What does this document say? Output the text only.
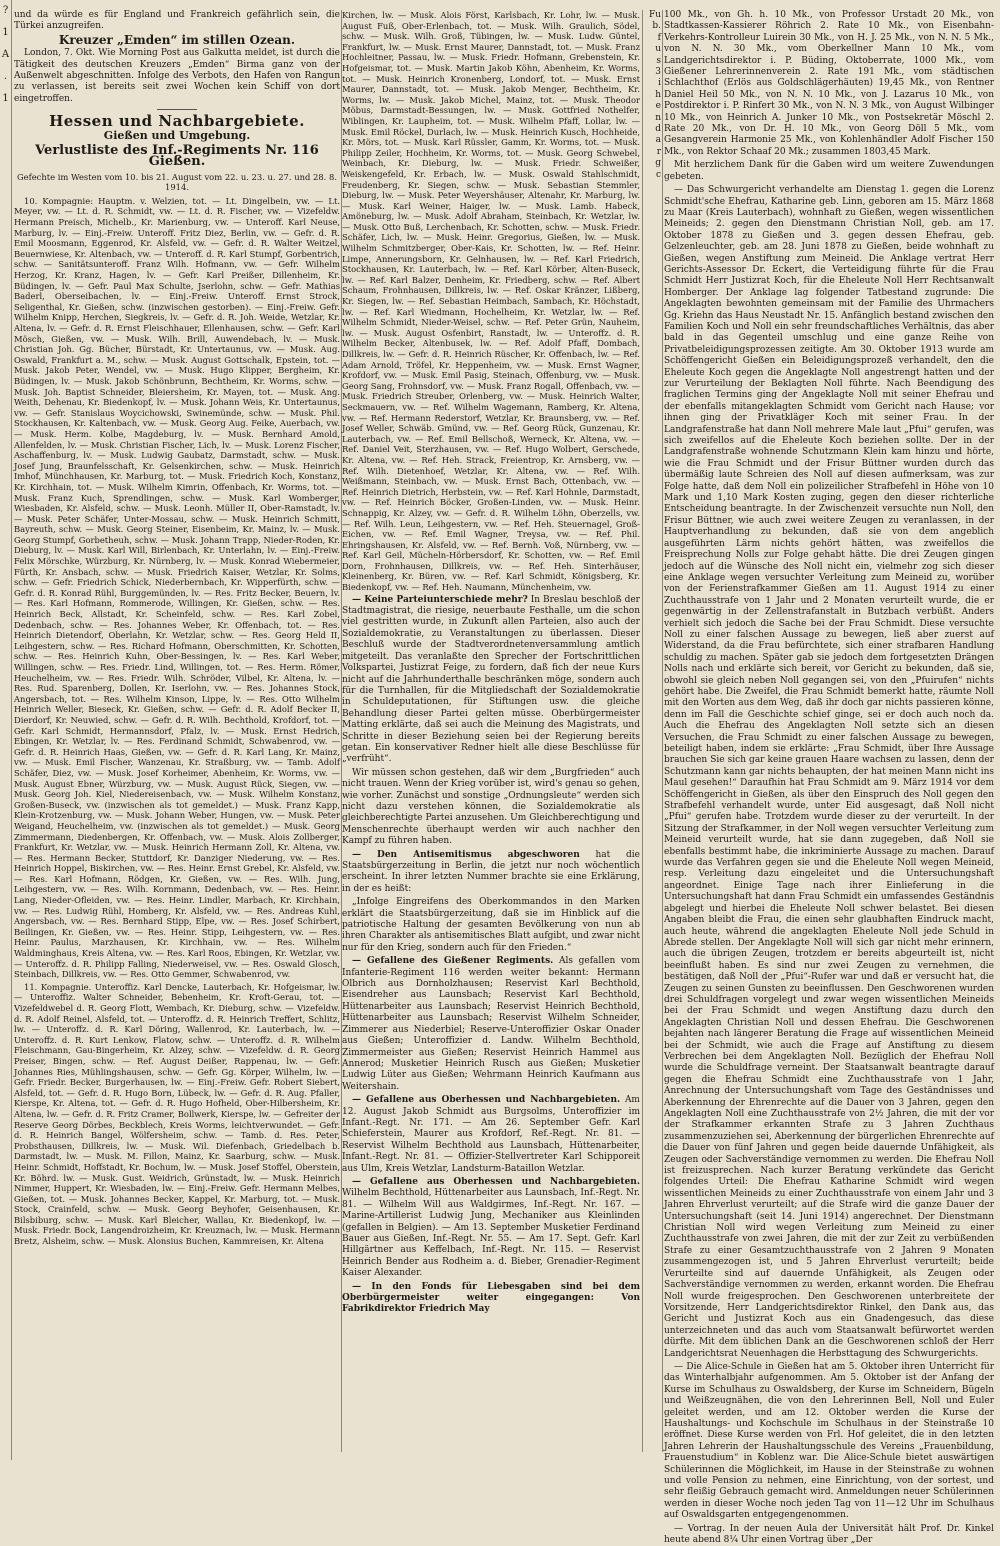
?
1
A
.
1

und da würde es für England und Frankreich gefährlich sein, die Türkei anzugreifen.

Kreuzer „Emden“ im stillen Ozean.

London, 7. Okt. Wie Morning Post aus Galkutta meldet, ist durch die Tätigkeit des deutschen Kreuzers „Emden“ Birma ganz von der Außenwelt abgeschnitten. Infolge des Verbots, den Hafen von Rangun zu verlassen, ist bereits seit zwei Wochen kein Schiff von dort eingetroffen.

Hessen und Nachbargebiete.
Gießen und Umgebung.
Verlustliste des Inf.-Regiments Nr. 116 Gießen.

Gefechte im Westen vom 10. bis 21. August vom 22. u. 23. u. 27. und 28. 8. 1914.

10. Kompagnie: Hauptm. v. Welzien, tot. — Lt. Dingelbein, vw. — Lt. Meyer, vw. — Lt. d. R. Schmidt, vw. — Lt. d. R. Fischer, vw. — Vizefeldw. Hermann Preisch, Michelb., Kr. Marienburg, vw. — Unteroff. Karl Neuse, Marburg, lv. — Einj.-Freiw. Unteroff. Fritz Diez, Berlin, vw. — Gefr. d. R. Emil Moosmann, Eggenrod, Kr. Alsfeld, vw. — Gefr. d. R. Walter Weitzel, Beuernwiese, Kr. Altenbach, vw. — Unteroff. d. R. Karl Stumpf, Gorbentrich, schw. — Sanitätsunteroff. Franz Wilh. Hofmann, vw. — Gefr. Wilhelm Herzog, Kr. Kranz, Hagen, lv. — Gefr. Karl Preißer, Dillenheim, Kr. Büdingen, lv. — Gefr. Paul Max Schulte, Jserlohn, schw. — Gefr. Mathias Baderl, Oberseibachen, lv. — Einj.-Freiw. Unteroff. Ernst Strock, Seligenthal, Kr. Gießen, schw. (inzwischen gestorben). — Einj.-Freiw. Gefr. Wilhelm Knipp, Herchen, Siegkreis, lv. — Gefr. d. R. Joh. Weide, Wetzlar, Kr. Altena, lv. — Gefr. d. R. Ernst Fleischhauer, Ellenhausen, schw. — Gefr. Karl Mösch, Gießen, vw. — Musk. Wilh. Brill, Auwendebach, lv. — Musk. Christian Joh. Gg. Bücher, Bürstadt, Kr. Untertaunus, vw. — Musk. Aug. Oswald, Frankfurt a. M., schw. — Musk. August Gottschalk, Epstein, tot. — Musk. Jakob Peter, Wendel, vw. — Musk. Hugo Klipper, Bergheim, Kr. Büdingen, lv. — Musk. Jakob Schönbrunn, Bechtheim, Kr. Worms, schw. — Musk. Joh. Baptist Schneider, Bleiersheim, Kr. Mayen, tot. — Musk. Ang. Weith, Dehenau, Kr. Biedenkopf, lv. — Musk. Johann Weis, Kr. Untertaunus, vw. — Gefr. Stanislaus Woycichowski, Swinemünde, schw. — Musk. Phil. Stockhausen, Kr. Kaltenbach, vw. — Musk. Georg Aug. Feike, Auerbach, vw. — Musk. Herm. Kolbe, Magdeburg, lv. — Musk. Bernhard Amold, Allenfelden, lv. — Musk. Christian Fischer, Lich, lv. — Musk. Lorenz Fischer, Aschaffenburg, lv. — Musk. Ludwig Gaubatz, Darmstadt, schw. — Musk. Josef Jung, Braunfelsschaft, Kr. Gelsenkirchen, schw. — Musk. Heinrich Imhof, Münchhausen, Kr. Marburg, tot. — Musk. Friedrich Koch, Konstanz, Kr. Kirchhain, tot. — Musk. Wilhelm Kimrin, Offenbach, Kr. Worms, tot. — Musk. Franz Kuch, Sprendlingen, schw. — Musk. Karl Womberger, Wiesbaden, Kr. Alsfeld, schw. — Musk. Leonh. Müller II, Ober-Ramstadt, lv. — Musk. Peter Schäfer, Unter-Mossau, schw. — Musk. Heinrich Schmitt, Bayreuth, schw. — Musk. Georg Steiner, Eisenbeim, Kr. Mainz, lv. — Musk. Georg Stumpf, Gorbetheuh, schw. — Musk. Johann Trapp, Nieder-Roden, Kr. Dieburg, lv. — Musk. Karl Will, Birlenbach, Kr. Unterlahn, lv. — Einj.-Freiw. Felix Mörschke, Würzburg, Kr. Nürnberg, lv. — Musk. Konrad Wiebermeier, Fürth, Kr. Ansbach, schw. — Musk. Friedrich Kaiser, Wetzlar, Kr. Solms, schw. — Gefr. Friedrich Schick, Niederbernbach, Kr. Wipperfürth, schw. — Gefr. d. R. Konrad Rühl, Burggemünden, lv. — Res. Fritz Becker, Beuern, lv. — Res. Karl Hofmann, Rommerode, Willingen, Kr. Gießen, schw. — Res. Heinrich Beck, Allstadt, Kr. Scheinfeld, schw. — Res. Karl Zobel, Dedenbach, schw. — Res. Johannes Weber, Kr. Offenbach, tot. — Res. Heinrich Dietendorf, Oberlahn, Kr. Wetzlar, schw. — Res. Georg Held II, Leihgestern, schw. — Res. Richard Hofmann, Oberschmitten, Kr. Schotten, schw. — Res. Heinrich Kuhn, Ober-Bessingen, lv. — Res. Karl Weber, Willingen, schw. — Res. Friedr. Lind, Willingen, tot. — Res. Herm. Römer, Heuchelheim, vw. — Res. Friedr. Wilh. Schröder, Vilbel, Kr. Altena, lv. — Res. Rud. Sparenberg, Dollen, Kr. Iserlohn, vw. — Res. Johannes Stock, Angersbach, tot. — Res. Wilhelm Kinson, Lippe, lv. — Res. Otto Wilhelm Heinrich Weller, Bieseck, Kr. Gießen, schw. — Gefr. d. R. Adolf Becker II, Dierdorf, Kr. Neuwied, schw. — Gefr. d. R. Wilh. Bechthold, Krofdorf, tot. — Gefr. Karl Schmidt, Hermannsdorf, Pfalz, lv. — Musk. Ernst Hedrich, Ebingen, Kr. Wetzlar, lv. — Res. Ferdinand Schmidt, Schwabenrod, vw. — Gefr. d. R. Heinrich Haas, Gießen, vw. — Gefr. d. R. Karl Lang, Kr. Mainz, vw. — Musk. Emil Fischer, Wanzenau, Kr. Straßburg, vw. — Tamb. Adolf Schäfer, Diez, vw. — Musk. Josef Korheimer, Abenheim, Kr. Worms, vw. — Musk. August Ebner, Würzburg, vw. — Musk. August Rück, Siegen, vw. — Musk. Georg Joh. Kiel, Niedereisenbach, vw. — Musk. Wilhelm Konstanz, Großen-Buseck, vw. (inzwischen als tot gemeldet.) — Musk. Franz Kapp, Klein-Krotzenburg, vw. — Musk. Johann Weber, Hungen, vw. — Musk. Peter Weigand, Heuchelheim, vw. (inzwischen als tot gemeldet.) — Musk. Georg Zimmermann, Diedenbergen, Kr. Offenbach, vw. — Musk. Alois Zollberger, Frankfurt, Kr. Wetzlar, vw. — Musk. Heinrich Hermann Zoll, Kr. Altena, vw. — Res. Hermann Becker, Stuttdorf, Kr. Danziger Niederung, vw. — Res. Heinrich Hoppel, Biskirchen, vw. — Res. Heinr. Ernst Grebel, Kr. Alsfeld, vw. — Res. Karl Hofmann, Rödgen, Kr. Gießen, vw. — Res. Wilh. Jung, Leihgestern, vw. — Res. Wilh. Kornmann, Dedenbach, vw. — Res. Heinr. Lang, Nieder-Ofleiden, vw. — Res. Heinr. Lindler, Marbach, Kr. Kirchhain, vw. — Res. Ludwig Rühl, Homberg, Kr. Alsfeld, vw. — Res. Andreas Kuhl, Angersbach, vw. — Res. Bernhard Stipp, Elpe, vw. — Res. Josef Schirbert, Beilingen, Kr. Gießen, vw. — Res. Heinr. Stipp, Leihgestern, vw. — Res. Heinr. Paulus, Marzhausen, Kr. Kirchhain, vw. — Res. Wilhelm Waldminghaus, Kreis Altena, vw. — Res. Karl Roos, Ebingen, Kr. Wetzlar, vw. — Unteroffz. d. R. Philipp Falling, Niederweisel, vw. — Res. Oswald Glosch, Steinbach, Dillkreis, vw. — Res. Otto Gemmer, Schwabenrod, vw.

11. Kompagnie. Unteroffiz. Karl Dencke, Lauterbach, Kr. Hofgeismar, lw. — Unteroffiz. Walter Schneider, Bebenheim, Kr. Kroft-Gerau, tot. — Vizefeldwebel d. R. Georg Flott, Wembach, Kr. Dieburg, schw. — Vizefeldw. d. R. Adolf Reinel, Alsfeld, tot. — Unteroffz. d. R. Heinrich Treffert, Schlitz, lw. — Unteroffz. d. R. Karl Döring, Wallenrod, Kr. Lauterbach, lw. — Unteroffz. d. R. Kurt Lenkow, Flatow, schw. — Unteroffz. d. R. Wilhelm Fleischmann, Gau-Bingerheim, Kr. Alzey, schw. — Vizefeldw. d. R. Georg Preiser, Bingen, schw. — Ref. August Deißer, Rappenau, lw. — Gefr. Johannes Ries, Mühlingshausen, schw. — Gefr. Gg. Körper, Wilhelm, lw. — Gefr. Friedr. Becker, Burgerhausen, lw. — Einj.-Freiw. Gefr. Robert Siebert, Alsfeld, tot. — Gefr. d. R. Hugo Born, Lübeck, lw. — Gefr. d. R. Aug. Pfaller, Kierspe, Kr. Altena, tot. — Gefr. d. R. Hugo Hofheld, Ober-Hilbersheim, Kr. Altena, lw. — Gefr. d. R. Fritz Cramer, Bollwerk, Kierspe, lw. — Gefreiter der Reserve Georg Dörbes, Beckblech, Kreis Worms, leichtverwundet. — Gefr. d. R. Heinrich Bangel, Wölfersheim, schw. — Tamb. d. Res. Peter, Probsthausen, Dillkreis, lw. — Musk. Wil. Diefenbach, Griedelbach b. Darmstadt, lw. — Musk. M. Fillon, Mainz, Kr. Saarburg, schw. — Musk. Heinr. Schmidt, Hoffstadt, Kr. Bochum, lw. — Musk. Josef Stoffel, Oberstein, Kr. Böhrd. lw. — Musk. Gust. Weidrich, Grünstadt, lw. — Musk. Heinrich Nimmer, Huppert, Kr. Wiesbaden, lw. — Einj.-Freiw. Gefr. Hermann Melbes, Gießen, tot. — Musk. Johannes Becker, Kappel, Kr. Marburg, tot. — Musk. Stock, Crainfeld, schw. — Musk. Georg Beyhofer, Geisenhausen, Kr. Bilsbiburg, schw. — Musk. Karl Bleicher, Wallau, Kr. Biedenkopf, lw. — Musk. Friedr. Bock, Langendroizheim, Kr. Kreuznach, lw. — Musk. Hermann Bretz, Alsheim, schw. — Musk. Alonsius Buchen, Kammreisen, Kr. Altena

Kirchen, lw. — Musk. Alois Först, Karlsbach, Kr. Lohr, lw. — Musk. August Fuß, Ober-Erlenbach, tot. — Musk. Wilh. Graulich, Södel, schw. — Musk. Wilh. Groß, Tübingen, lw. — Musk. Ludw. Güntel, Frankfurt, lw. — Musk. Ernst Maurer, Dannstadt, tot. — Musk. Franz Hochleitner, Passau, lw. — Musk. Friedr. Hofmann, Grebenstein, Kr. Hofgeismar, tot. — Musk. Martin Jakob Köhn, Abenheim, Kr. Worms, tot. — Musk. Heinrich Kronenberg, Londorf, tot. — Musk. Ernst Maurer, Dannstadt, tot. — Musk. Jakob Menger, Bechtheim, Kr. Worms, lw. — Musk. Jakob Michel, Mainz, tot. — Musk. Theodor Möbus, Darmstadt-Bessungen, lw. — Musk. Gottfried Nothelfer, Wiblingen, Kr. Laupheim, tot. — Musk. Wilhelm Pfaff, Lollar, lw. — Musk. Emil Röckel, Durlach, lw. — Musk. Heinrich Kusch, Hochheide, Kr. Mörs, tot. — Musk. Karl Rüssler, Gamm, Kr. Worms, tot. — Musk. Philipp Zeiler, Hochheim, Kr. Worms, tot. — Musk. Georg Schwebel, Weinbach, Kr. Dieburg, lw. — Musk. Friedr. Schweißer, Weiskengefeld, Kr. Erbach, lw. — Musk. Oswald Stahlschmidt, Freudenberg, Kr. Siegen, schw. — Musk. Sebastian Stemmler, Dieburg, lw. — Musk. Peter Weyershäuser, Altenahr, Kr. Marburg, lw. — Musk. Karl Weiner, Haiger, lw. — Musk. Lamb. Habeck, Amöneburg, lw. — Musk. Adolf Abraham, Steinbach, Kr. Wetzlar, lw. — Musk. Otto Buß, Lerchenbach, Kr. Schotten, schw. — Musk. Friedr. Schäfer, Lich, lw. — Musk. Heinr. Gregorius, Gießen, lw. — Musk. Wilhelm Schmitzberger, Ober-Kais, Kr. Schotten, lw. — Ref. Heinr. Limpe, Annerungsborn, Kr. Gelnhausen, lw. — Ref. Karl Friedrich, Stockhausen, Kr. Lauterbach, lw. — Ref. Karl Körber, Alten-Buseck, lw. — Ref. Karl Balzer, Denheim, Kr. Friedberg, schw. — Ref. Albert Schaum, Frohnhausen, Dillkreis, lw. — Ref. Oskar Kränzer, Lißberg, Kr. Siegen, lw. — Ref. Sebastian Heimbach, Sambach, Kr. Höchstadt, lw. — Ref. Karl Wiedmann, Hochelheim, Kr. Wetzlar, lw. — Ref. Wilhelm Schmidt, Nieder-Weisel, schw. — Ref. Peter Grün, Nauheim, lw. — Musk. August Osfenbirt, Ranstadt, lw. — Unteroffz. d. R. Wilhelm Becker, Altenbusek, lw. — Ref. Adolf Pfaff, Dombach, Dillkreis, lw. — Gefr. d. R. Heinrich Rüscher, Kr. Offenbach, lw. — Ref. Adam Arnold, Tröfel, Kr. Heppenheim, vw. — Musk. Ernst Wagner, Krofdorf, vw. — Musk. Emil Pasig, Steinach, Offenburg, vw. — Musk. Georg Sang, Frohnsdorf, vw. — Musk. Franz Rogall, Offenbach, vw. — Musk. Friedrich Streuber, Orlenberg, vw. — Musk. Heinrich Walter, Seckmauern, vw. — Ref. Wilhelm Wagemann, Ramberg, Kr. Altena, vw. — Ref. Hermann Rederstorf, Wetzlar, Kr. Braunsberg, vw. — Ref. Josef Weller, Schwäb. Gmünd, vw. — Ref. Georg Rück, Gunzenau, Kr. Lauterbach, vw. — Ref. Emil Bellschoß, Werneck, Kr. Altena, vw. — Ref. Daniel Veit, Sterzhausen, vw. — Ref. Hugo Wolbert, Gerschede, Kr. Altena, vw. — Ref. Heh. Strack, Freientrop, Kr. Arnsberg, vw. — Ref. Wilh. Dietenhoef, Wetzlar, Kr. Altena, vw. — Ref. Wilh. Weißmann, Steinbach, vw. — Musk. Ernst Bach, Ottenbach, vw. — Ref. Heinrich Dietrich, Herbstein, vw. — Ref. Karl Hohnle, Darmstadt, vw. — Ref. Heinrich Böcker, Großen-Linden, vw. — Musk. Heinr. Schnappig, Kr. Alzey, vw. — Gefr. d. R. Wilhelm Löhn, Oberzells, vw. — Ref. Wilh. Leun, Leihgestern, vw. — Ref. Heh. Steuernagel, Groß-Eichen, vw. — Ref. Emil Wagner, Treysa, vw. — Ref. Phil. Ehringshausen, Kr. Alsfeld, vw. — Ref. Bernh. Voß, Nürnberg, vw. — Ref. Karl Geil, Mücheln-Hörbersdorf, Kr. Schotten, vw. — Ref. Emil Dorn, Frohnhausen, Dillkreis, vw. — Ref. Heh. Sinterhäuser, Kleinenberg, Kr. Büren, vw. — Ref. Karl Schmidt, Königsberg, Kr. Biedenkopf, vw. — Ref. Heh. Naumann, Münchenheim, vw.

— Keine Parteiunterschiede mehr? In Breslau beschloß der Stadtmagistrat, die riesige, neuerbaute Festhalle, um die schon viel gestritten wurde, in Zukunft allen Parteien, also auch der Sozialdemokratie, zu Veranstaltungen zu überlassen. Dieser Beschluß wurde der Stadtverordnetenversammlung amtlich mitgeteilt. Das veranlaßte den Sprecher der Fortschrittlichen Volkspartei, Justizrat Feige, zu fordern, daß fich der neue Kurs nicht auf die Jahrhunderthalle beschränken möge, sondern auch für die Turnhallen, für die Mitgliedschaft der Sozialdemokratie in Schuldeputationen, für Stiftungen usw. die gleiche Behandlung dieser Partei gelten müsse. Oberbürgermeister Matting erklärte, daß sei auch die Meinung des Magistrats, und Schritte in dieser Beziehung seien bei der Regierung bereits getan. Ein konservativer Redner hielt alle diese Beschlüsse für „verfrüht“.

Wir müssen schon gestehen, daß wir dem „Burgfrieden“ auch nicht trauen. Wenn der Krieg vorüber ist, wird's genau so gehen, wie vorher. Zunächst und sonstige „Ordnungsleute“ werden sich nicht dazu verstehen können, die Sozialdemokratie als gleichberechtigte Partei anzusehen. Um Gleichberechtigung und Menschenrechte überhaupt werden wir auch nachher den Kampf zu führen haben.

— Den Antisemitismus abgeschworen hat die Staatsbürgerzeitung in Berlin, die jetzt nur noch wöchentlich erscheint. In ihrer letzten Nummer brachte sie eine Erklärung, in der es heißt:

„Infolge Eingreifens des Oberkommandos in den Marken erklärt die Staatsbürgerzeitung, daß sie im Hinblick auf die patriotische Haltung der gesamten Bevölkerung von nun ab ihren Charakter als antisemitisches Blatt aufgibt, und zwar nicht nur für den Krieg, sondern auch für den Frieden.“

— Gefallene des Gießener Regiments. Als gefallen vom Infanterie-Regiment 116 werden weiter bekannt: Hermann Olbrich aus Dornholzhausen; Reservist Karl Bechthold, Eisendreher aus Launsbach; Reservist Karl Bechthold, Hüttenarbeiter aus Launsbach; Reservist Heinrich Bechthold, Hüttenarbeiter aus Launsbach; Reservist Wilhelm Schneider, Zimmerer aus Niederbiel; Reserve-Unteroffizier Oskar Onader aus Gießen; Unteroffizier d. Landw. Wilhelm Bechthold, Zimmermeister aus Gießen; Reservist Heinrich Hammel aus Annerod; Musketier Heinrich Rusch aus Gießen; Musketier Ludwig Lüter aus Gießen; Wehrmann Heinrich Kaufmann aus Weitershain.

— Gefallene aus Oberhessen und Nachbargebieten. Am 12. August Jakob Schmidt aus Burgsolms, Unteroffizier im Infant.-Regt. Nr. 171. — Am 26. September Gefr. Karl Schieferstein, Maurer aus Krofdorf, Ref.-Regt. Nr. 81. — Reservist Wilhelm Bechthold aus Launsbach, Hüttenarbeiter, Infant.-Regt. Nr. 81. — Offizier-Stellvertreter Karl Schipporeit aus Ulm, Kreis Wetzlar, Landsturm-Bataillon Wetzlar.

— Gefallene aus Oberhessen und Nachbargebieten. Wilhelm Bechthold, Hüttenarbeiter aus Launsbach, Inf.-Regt. Nr. 81. — Wilhelm Will aus Waldgirmes, Inf.-Regt. Nr. 167. — Marine-Artillerist Ludwig Jung, Mechaniker aus Kleinlinden (gefallen in Belgien). — Am 13. September Musketier Ferdinand Bauer aus Gießen, Inf.-Regt. Nr. 55. — Am 17. Sept. Gefr. Karl Hillgärtner aus Keffelbach, Inf.-Regt. Nr. 115. — Reservist Heinrich Bender aus Rodheim a. d. Bieber, Grenadier-Regiment Kaiser Alexander.

— In den Fonds für Liebesgaben sind bei dem Oberbürgermeister weiter eingegangen: Von Fabrikdirektor Friedrich May

Fu
b.
f
u
s
3
i
h
e
n
d
a
r
g
c

100 Mk., von Gh. h. 10 Mk., von Professor Urstadt 20 Mk., von Stadtkassen-Kassierer Röhrich 2. Rate 10 Mk., von Eisenbahn-Verkehrs-Kontrolleur Luirein 30 Mk., von H. J. 25 Mk., von N. N. 5 Mk., von N. N. 30 Mk., vom Oberkellner Mann 10 Mk., vom Landgerichtsdirektor i. P. Büding, Oktoberrate, 1000 Mk., vom Gießener Lehrerinnenverein 2. Rate 191 Mk., vom städtischen Schlachthof (Erlös aus Goldschlägerhäuten) 19,45 Mk., von Rentner Daniel Heil 50 Mk., von N. N. 10 Mk., von J. Lazarus 10 Mk., von Postdirektor i. P. Rinfert 30 Mk., von N. N. 3 Mk., von August Wilbinger 10 Mk., von Heinrich A. Junker 10 Mk., von Postsekretär Möschl 2. Rate 20 Mk., von Dr. H. 10 Mk., von Georg Döll 5 Mk., vom Gesangverein Harmonie 25 Mk., von Kohlenhändler Adolf Fischer 150 Mk., von Rektor Schaaf 20 Mk.; zusammen 1803,45 Mark.

Mit herzlichem Dank für die Gaben wird um weitere Zuwendungen gebeten.

— Das Schwurgericht verhandelte am Dienstag 1. gegen die Lorenz Schmidt'sche Ehefrau, Katharine geb. Linn, geboren am 15. März 1868 zu Maar (Kreis Lauterbach), wohnhaft zu Gießen, wegen wissentlichen Meineids; 2. gegen den Dienstmann Christian Noll, geb. am 17. Oktober 1878 zu Gießen und 3. gegen dessen Ehefrau, geb. Gelzenleuchter, geb. am 28. Juni 1878 zu Gießen, beide wohnhaft zu Gießen, wegen Anstiftung zum Meineid. Die Anklage vertrat Herr Gerichts-Assessor Dr. Eckert, die Verteidigung führte für die Frau Schmidt Herr Justizrat Koch, für die Eheleute Noll Herr Rechtsanwalt Homberger. Der Anklage lag folgender Tatbestand zugrunde: Die Angeklagten bewohnten gemeinsam mit der Familie des Uhrmachers Gg. Kriehn das Haus Neustadt Nr. 15. Anfänglich bestand zwischen den Familien Koch und Noll ein sehr freundschaftliches Verhältnis, das aber bald in das Gegenteil umschlug und eine ganze Reihe von Privatbeleidigungsprozessen zeitigte. Am 30. Oktober 1913 wurde am Schöffengericht Gießen ein Beleidigungsprozeß verhandelt, den die Eheleute Koch gegen die Angeklagte Noll angestrengt hatten und der zur Verurteilung der Beklagten Noll führte. Nach Beendigung des fraglichen Termins ging der Angeklagte Noll mit seiner Ehefrau und der ebenfalls mitangeklagten Schmidt vom Gericht nach Hause; vor ihnen ging der Privatkläger Koch mit seiner Frau. In der Landgrafenstraße hat dann Noll mehrere Male laut „Pfui“ gerufen, was sich zweifellos auf die Eheleute Koch beziehen sollte. Der in der Landgrafenstraße wohnende Schutzmann Klein kam hinzu und hörte, wie die Frau Schmidt und der Frisur Büttner wurden durch das übermäßig laute Schreien des Noll auf diesen aufmerksam, was zur Folge hatte, daß dem Noll ein polizeilicher Strafbefehl in Höhe von 10 Mark und 1,10 Mark Kosten zuging, gegen den dieser richterliche Entscheidung beantragte. In der Zwischenzeit versuchte nun Noll, den Frisur Büttner, wie auch zwei weitere Zeugen zu veranlassen, in der Hauptverhandlung zu bekunden, daß sie von dem angeblich ausgeführten Lärm nichts gehört hätten, was zweifellos die Freisprechung Nolls zur Folge gehabt hätte. Die drei Zeugen gingen jedoch auf die Wünsche des Noll nicht ein, vielmehr zog sich dieser eine Anklage wegen versuchter Verleitung zum Meineid zu, worüber von der Ferienstrafkammer Gießen am 11. August 1914 zu einer Zuchthausstrafe von 1 Jahr und 2 Monaten verurteilt wurde, die er gegenwärtig in der Zellenstrafanstalt in Butzbach verbüßt. Anders verhielt sich jedoch die Sache bei der Frau Schmidt. Diese versuchte Noll zu einer falschen Aussage zu bewegen, ließ aber zuerst auf Widerstand, da die Frau befürchtete, sich einer strafbaren Handlung schuldig zu machen. Später gab sie jedoch dem fortgesetzten Drängen Nolls nach und erklärte sich bereit, vor Gericht zu bekunden, daß sie, obwohl sie gleich neben Noll gegangen sei, von den „Pfuirufen“ nichts gehört habe. Die Zweifel, die Frau Schmidt bemerkt hatte, räumte Noll mit den Worten aus dem Weg, daß ihr doch gar nichts passieren könne, denn im Fall die Geschichte schief ginge, sei er doch auch noch da. Auch die Ehefrau des Angeklagten Noll setzte sich an diesen Versuchen, die Frau Schmidt zu einer falschen Aussage zu bewegen, beteiligt haben, indem sie erklärte: „Frau Schmidt, über Ihre Aussage brauchen Sie sich gar keine grauen Haare wachsen zu lassen, denn der Schutzmann kann gar nichts behaupten, der hat meinen Mann nicht ins Maul gesehen!“ Daraufhin hat Frau Schmidt am 9. März 1914 vor dem Schöffengericht in Gießen, als über den Einspruch des Noll gegen den Strafbefehl verhandelt wurde, unter Eid ausgesagt, daß Noll nicht „Pfui“ gerufen habe. Trotzdem wurde dieser zu der verurteilt. In der Sitzung der Strafkammer, in der Noll wegen versuchter Verleitung zum Meineid verurteilt wurde, hat sie dann zugegeben, daß Noll sie ebenfalls bestimmt habe, die inkriminierte Aussage zu machen. Darauf wurde das Verfahren gegen sie und die Eheleute Noll wegen Meineid, resp. Verleitung dazu eingeleitet und die Untersuchungshaft angeordnet. Einige Tage nach ihrer Einlieferung in die Untersuchungshaft hat dann Frau Schmidt ein umfassendes Geständnis abgelegt und hierbei die Eheleute Noll schwer belastet. Bei diesen Angaben bleibt die Frau, die einen sehr glaubhaften Eindruck macht, auch heute, während die angeklagten Eheleute Noll jede Schuld in Abrede stellen. Der Angeklagte Noll will sich gar nicht mehr erinnern, auch die übrigen Zeugen, trotzdem er bereits abgeurteilt ist, nicht beeinflußt haben. Es sind nur zwei Zeugen zu vernehmen, die bestätigen, daß Noll der „Pfui“-Rufer war und daß er versucht hat, die Zeugen zu seinen Gunsten zu beeinflussen. Den Geschworenen wurden drei Schuldfragen vorgelegt und zwar wegen wissentlichen Meineids bei der Frau Schmidt und wegen Anstiftung dazu durch den Angeklagten Christian Noll und dessen Ehefrau. Die Geschworenen bejahten nach längerer Beratung die Frage auf wissentlichen Meineid bei der Schmidt, wie auch die Frage auf Anstiftung zu diesem Verbrechen bei dem Angeklagten Noll. Bezüglich der Ehefrau Noll wurde die Schuldfrage verneint. Der Staatsanwalt beantragte darauf gegen die Ehefrau Schmidt eine Zuchthausstrafe von 1 Jahr, Anrechnung der Untersuchungshaft vom Tage des Geständnisses und Aberkennung der Ehrenrechte auf die Dauer von 3 Jahren, gegen den Angeklagten Noll eine Zuchthausstrafe von 2½ Jahren, die mit der vor der Strafkammer erkannten Strafe zu 3 Jahren Zuchthaus zusammenzuziehen sei, Aberkennung der bürgerlichen Ehrenrechte auf die Dauer von fünf Jahren und gegen beide dauernde Unfähigkeit, als Zeugen oder Sachverständige vernommen zu werden. Die Ehefrau Noll ist freizusprechen. Nach kurzer Beratung verkündete das Gericht folgendes Urteil: Die Ehefrau Katharine Schmidt wird wegen wissentlichen Meineids zu einer Zuchthausstrafe von einem Jahr und 3 Jahren Ehrverlust verurteilt; auf die Strafe wird die ganze Dauer der Untersuchungshaft (seit 14. Juni 1914) angerechnet. Der Dienstmann Christian Noll wird wegen Verleitung zum Meineid zu einer Zuchthausstrafe von zwei Jahren, die mit der zur Zeit zu verbüßenden Strafe zu einer Gesamtzuchthausstrafe von 2 Jahren 9 Monaten zusammengezogen ist, und 5 Jahren Ehrverlust verurteilt; beide Verurteilte sind auf dauernde Unfähigkeit, als Zeugen oder Sachverständige vernommen zu werden, erkannt worden. Die Ehefrau Noll wurde freigesprochen. Den Geschworenen unterbreitete der Vorsitzende, Herr Landgerichtsdirektor Rinkel, den Dank aus, das Gericht und Justizrat Koch aus ein Gnadengesuch, das diese unterzeichneten und das auch vom Staatsanwalt befürwortet werden dürfte. Mit dem üblichen Dank an die Geschworenen schloß der Herr Landgerichtsrat Neuenhagen die Herbsttagung des Schwurgerichts.

— Die Alice-Schule in Gießen hat am 5. Oktober ihren Unterricht für das Winterhalbjahr aufgenommen. Am 5. Oktober ist der Anfang der Kurse im Schulhaus zu Oswaldsberg, der Kurse im Schneidern, Bügeln und Weißzeugnähen, die von den Lehrerinnen Bell, Noll und Euler geleitet werden, und am 12. Oktober werden die Kurse der Haushaltungs- und Kochschule im Schulhaus in der Steinstraße 10 eröffnet. Diese Kurse werden von Frl. Hof geleitet, die in den letzten Jahren Lehrerin der Haushaltungsschule des Vereins „Frauenbildung, Frauenstudium“ in Koblenz war. Die Alice-Schule bietet auswärtigen Schülerinnen die Möglichkeit, im Hause in der Steinstraße zu wohnen und volle Pension zu nehmen, eine Einrichtung, von der sortest, und sehr fleißig Gebrauch gemacht wird. Anmeldungen neuer Schülerinnen werden in dieser Woche noch jeden Tag von 11—12 Uhr im Schulhaus auf Oswaldsgarten entgegengenommen.

— Vortrag. In der neuen Aula der Universität hält Prof. Dr. Kinkel heute abend 8¼ Uhr einen Vortrag über „Der
